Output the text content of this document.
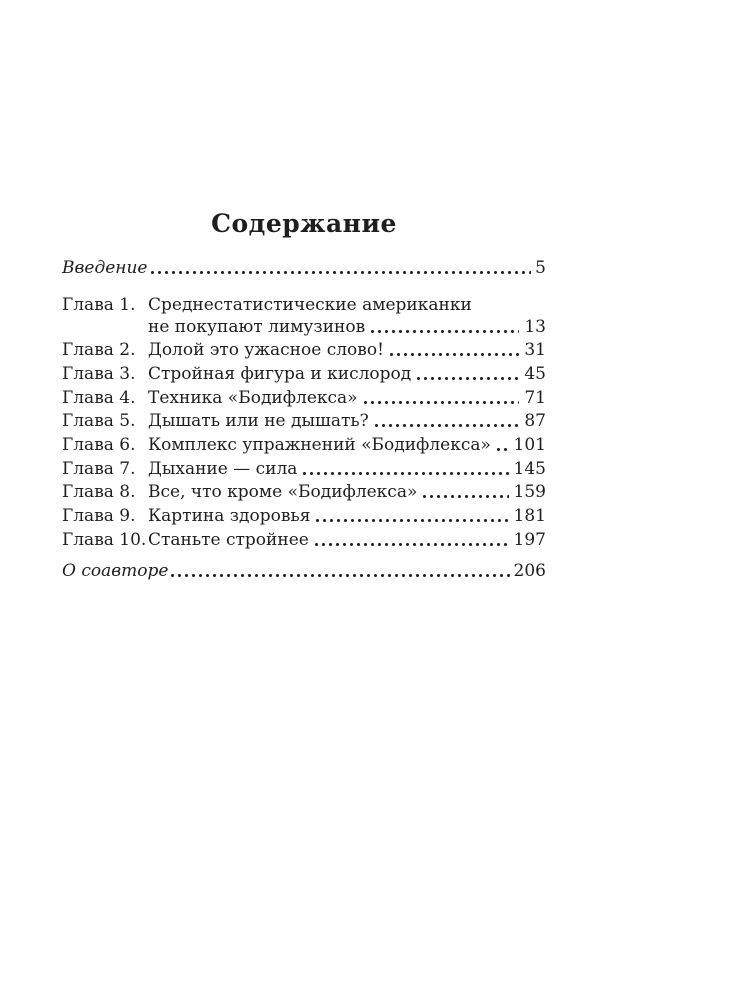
Содержание
Введение	5
Глава 1. Среднестатистические американки
не покупают лимузинов	13
Глава 2. Долой это ужасное слово!	31
Глава 3. Стройная фигура и кислород	45
Глава 4. Техника «Бодифлекса»	71
Глава 5. Дышать или не дышать?	87
Глава 6. Комплекс упражнений «Бодифлекса» 101
Глава 7. Дыхание — сила	145
Глава 8. Все, что кроме «Бодифлекса»	159
Глава 9. Картина здоровья	181
Глава 10. Станьте стройнее	197
О соавторе	206
